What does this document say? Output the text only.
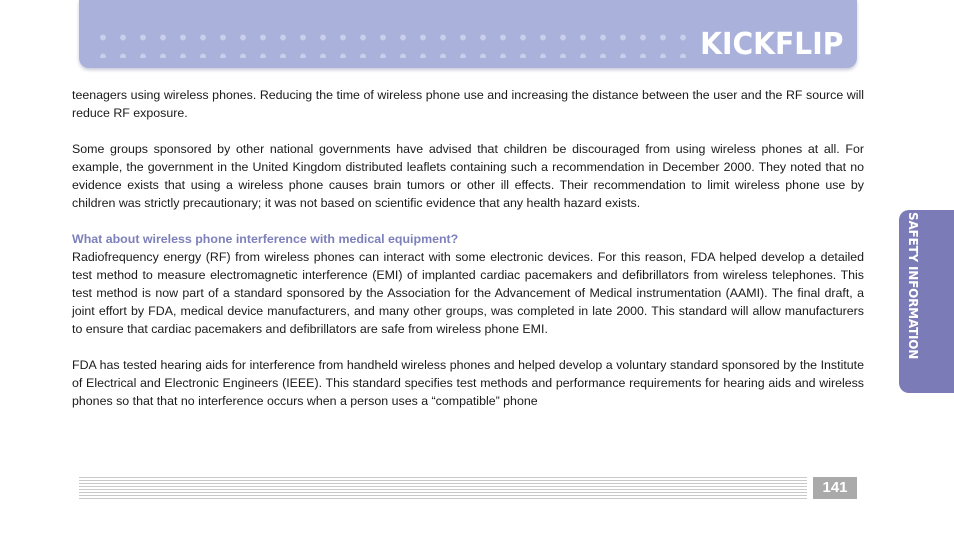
KICKFLIP

teenagers using wireless phones. Reducing the time of wireless phone use and increasing the distance between the user and the RF source will reduce RF exposure.

Some groups sponsored by other national governments have advised that children be discouraged from using wireless phones at all. For example, the government in the United Kingdom distributed leaflets containing such a recommendation in December 2000. They noted that no evidence exists that using a wireless phone causes brain tumors or other ill effects. Their recommendation to limit wireless phone use by children was strictly precautionary; it was not based on scientific evidence that any health hazard exists.

What about wireless phone interference with medical equipment?

Radiofrequency energy (RF) from wireless phones can interact with some electronic devices. For this reason, FDA helped develop a detailed test method to measure electromagnetic interference (EMI) of implanted cardiac pacemakers and defibrillators from wireless telephones. This test method is now part of a standard sponsored by the Association for the Advancement of Medical instrumentation (AAMI). The final draft, a joint effort by FDA, medical device manufacturers, and many other groups, was completed in late 2000. This standard will allow manufacturers to ensure that cardiac pacemakers and defibrillators are safe from wireless phone EMI.

FDA has tested hearing aids for interference from handheld wireless phones and helped develop a voluntary standard sponsored by the Institute of Electrical and Electronic Engineers (IEEE). This standard specifies test methods and performance requirements for hearing aids and wireless phones so that that no interference occurs when a person uses a “compatible” phone

SAFETY INFORMATION
141
